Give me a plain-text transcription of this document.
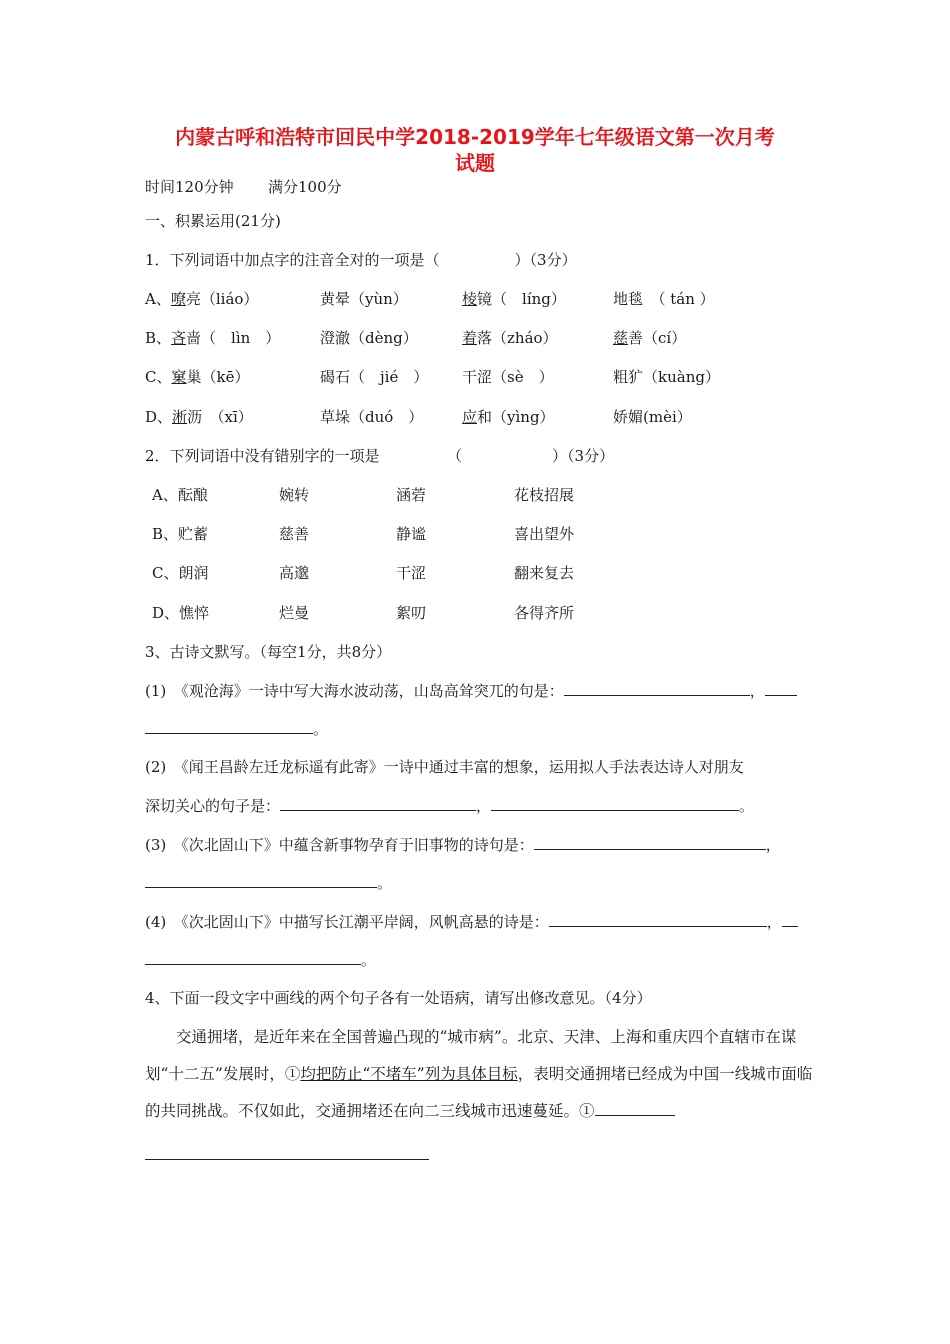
内蒙古呼和浩特市回民中学2018-2019学年七年级语文第一次月考
试题
时间120分钟 满分100分
一、积累运用(21分)
1．下列词语中加点字的注音全对的一项是（　　　　　）（3分）
A、嘹亮（liáo）	黄晕（yùn）	棱镜（　líng）	地毯　（ tán ）
B、吝啬（　lìn　）	澄澈（dèng）	着落（zháo）	慈善（cí）
C、窠巢（kē）	碣石（　jié　） 干涩（sè　）	粗犷（kuàng）
D、淅沥　（xī）	草垛（duó　）	应和（yìng）	娇媚(mèi）
2．下列词语中没有错别字的一项是　　　　　（　　　　　　）（3分）
A、酝酿	婉转	涵菪	花枝招展
B、贮蓄	慈善	静谧	喜出望外
C、朗润	高邈	干涩	翻来复去
D、憔悴	烂曼	絮叨	各得齐所
3、古诗文默写。（每空1分，共8分）
(1)　《观沧海》一诗中写大海水波动荡，山岛高耸突兀的句是：	，
。
(2)　《闻王昌龄左迁龙标遥有此寄》一诗中通过丰富的想象，运用拟人手法表达诗人对朋友
深切关心的句子是：	，	。
(3)　《次北固山下》中蕴含新事物孕育于旧事物的诗句是：	，
。
(4)　《次北固山下》中描写长江潮平岸阔，风帆高悬的诗是：	，
。
4、下面一段文字中画线的两个句子各有一处语病，请写出修改意见。（4分）
交通拥堵，是近年来在全国普遍凸现的“城市病”。北京、天津、上海和重庆四个直辖市在谋划“十二五”发展时，①均把防止“不堵车”列为具体目标，表明交通拥堵已经成为中国一线城市面临的共同挑战。不仅如此，交通拥堵还在向二三线城市迅速蔓延。①
